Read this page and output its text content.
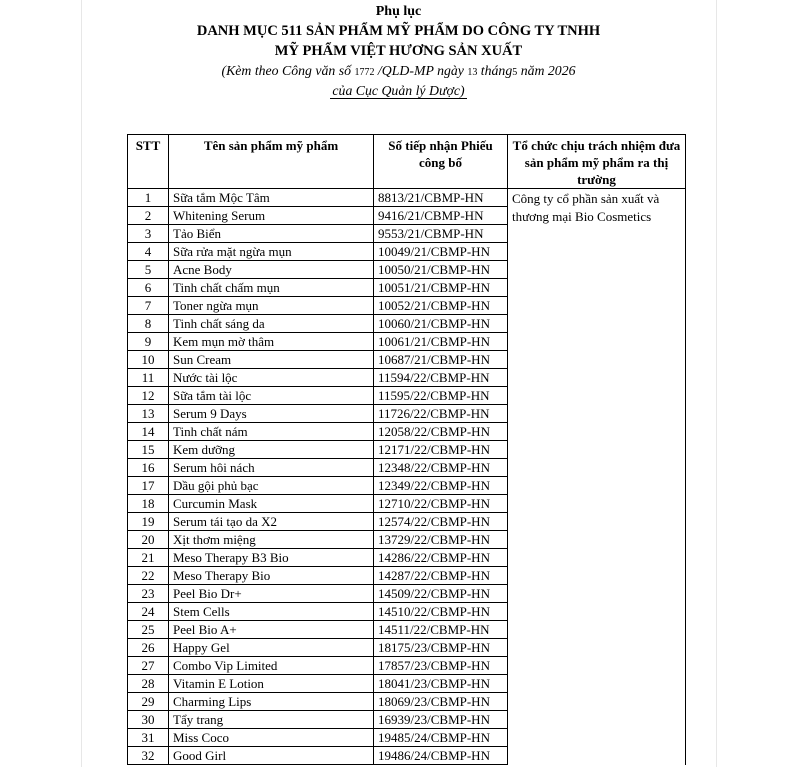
Phụ lục
DANH MỤC 511 SẢN PHẨM MỸ PHẨM DO CÔNG TY TNHH
MỸ PHẨM VIỆT HƯƠNG SẢN XUẤT
(Kèm theo Công văn số 1772 /QLD-MP ngày 13 tháng5 năm 2026
của Cục Quản lý Dược)
STT	Tên sản phẩm mỹ phẩm	Số tiếp nhận Phiếu công bố	Tổ chức chịu trách nhiệm đưa sản phẩm mỹ phẩm ra thị trường
1	Sữa tắm Mộc Tâm	8813/21/CBMP-HN	Công ty cổ phần sản xuất và thương mại Bio Cosmetics
2	Whitening Serum	9416/21/CBMP-HN	
3	Tảo Biển	9553/21/CBMP-HN	
4	Sữa rửa mặt ngừa mụn	10049/21/CBMP-HN	
5	Acne Body	10050/21/CBMP-HN	
6	Tinh chất chấm mụn	10051/21/CBMP-HN	
7	Toner ngừa mụn	10052/21/CBMP-HN	
8	Tinh chất sáng da	10060/21/CBMP-HN	
9	Kem mụn mờ thâm	10061/21/CBMP-HN	
10	Sun Cream	10687/21/CBMP-HN	
11	Nước tài lộc	11594/22/CBMP-HN	
12	Sữa tắm tài lộc	11595/22/CBMP-HN	
13	Serum 9 Days	11726/22/CBMP-HN	
14	Tinh chất nám	12058/22/CBMP-HN	
15	Kem dưỡng	12171/22/CBMP-HN	
16	Serum hôi nách	12348/22/CBMP-HN	
17	Dầu gội phủ bạc	12349/22/CBMP-HN	
18	Curcumin Mask	12710/22/CBMP-HN	
19	Serum tái tạo da X2	12574/22/CBMP-HN	
20	Xịt thơm miệng	13729/22/CBMP-HN	
21	Meso Therapy B3 Bio	14286/22/CBMP-HN	
22	Meso Therapy Bio	14287/22/CBMP-HN	
23	Peel Bio Dr+	14509/22/CBMP-HN	
24	Stem Cells	14510/22/CBMP-HN	
25	Peel Bio A+	14511/22/CBMP-HN	
26	Happy Gel	18175/23/CBMP-HN	
27	Combo Vip Limited	17857/23/CBMP-HN	
28	Vitamin E Lotion	18041/23/CBMP-HN	
29	Charming Lips	18069/23/CBMP-HN	
30	Tẩy trang	16939/23/CBMP-HN	
31	Miss Coco	19485/24/CBMP-HN	
32	Good Girl	19486/24/CBMP-HN	
